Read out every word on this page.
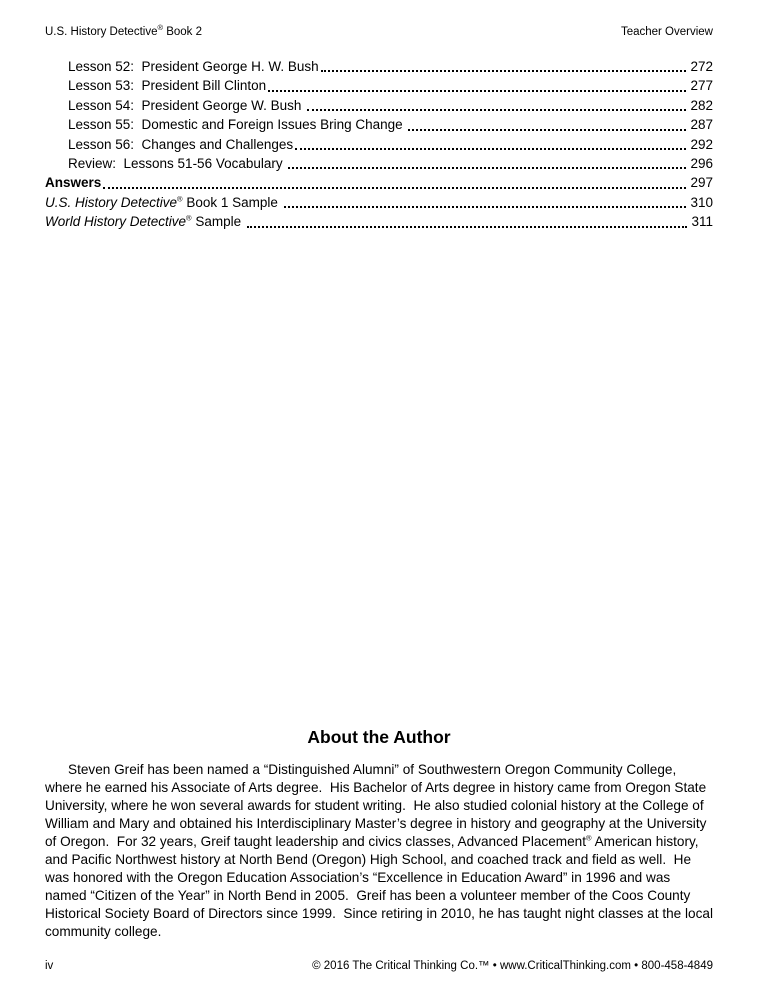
U.S. History Detective® Book 2	Teacher Overview
Lesson 52:  President George H. W. Bush	272
Lesson 53:  President Bill Clinton	277
Lesson 54:  President George W. Bush	282
Lesson 55:  Domestic and Foreign Issues Bring Change	287
Lesson 56:  Changes and Challenges	292
Review:  Lessons 51-56 Vocabulary	296
Answers	297
U.S. History Detective® Book 1 Sample	310
World History Detective® Sample	311
About the Author

Steven Greif has been named a “Distinguished Alumni” of Southwestern Oregon Community College, where he earned his Associate of Arts degree.  His Bachelor of Arts degree in history came from Oregon State University, where he won several awards for student writing.  He also studied colonial history at the College of William and Mary and obtained his Interdisciplinary Master’s degree in history and geography at the University of Oregon.  For 32 years, Greif taught leadership and civics classes, Advanced Placement® American history, and Pacific Northwest history at North Bend (Oregon) High School, and coached track and field as well.  He was honored with the Oregon Education Association’s “Excellence in Education Award” in 1996 and was named “Citizen of the Year” in North Bend in 2005.  Greif has been a volunteer member of the Coos County Historical Society Board of Directors since 1999.  Since retiring in 2010, he has taught night classes at the local community college.

iv	© 2016 The Critical Thinking Co.™ • www.CriticalThinking.com • 800-458-4849
